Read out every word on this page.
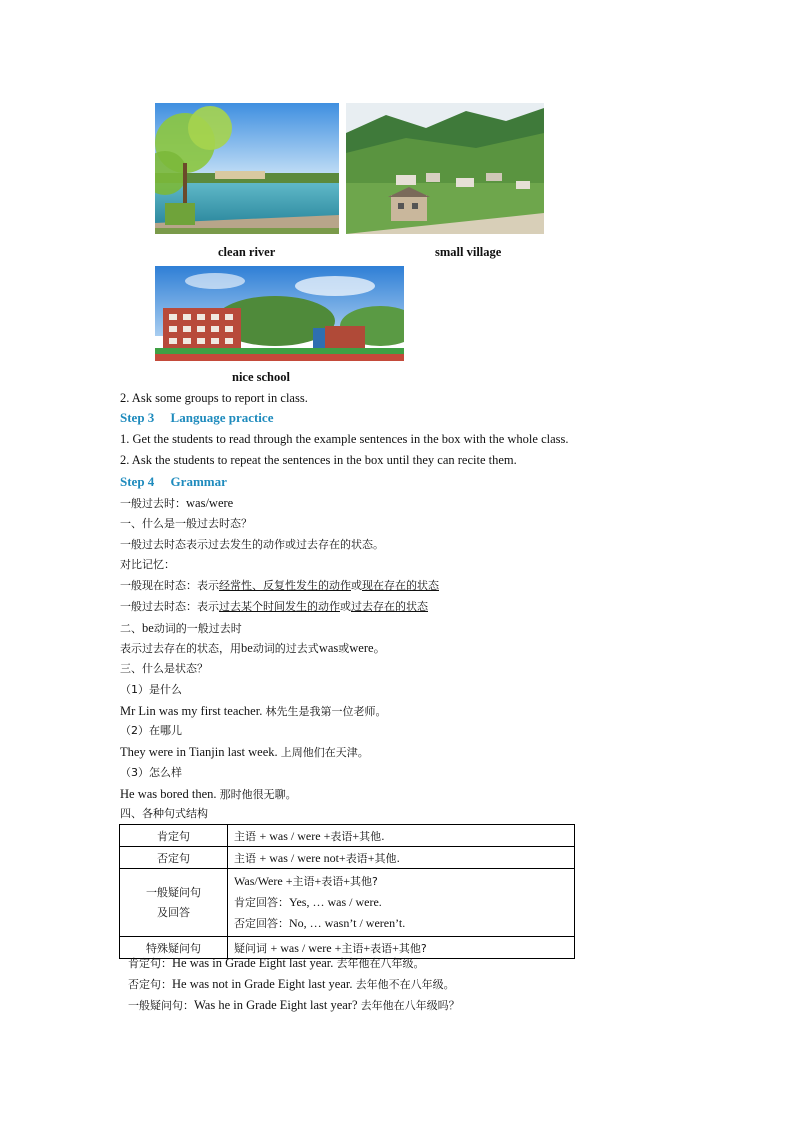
clean river	small village
nice school
2. Ask some groups to report in class.
Step 3　 Language practice
1. Get the students to read through the example sentences in the box with the whole class.
2. Ask the students to repeat the sentences in the box until they can recite them.
Step 4　 Grammar
一般过去时：was/were
一、什么是一般过去时态？
一般过去时态表示过去发生的动作或过去存在的状态。
对比记忆：
一般现在时态：表示经常性、反复性发生的动作或现在存在的状态
一般过去时态：表示过去某个时间发生的动作或过去存在的状态
二、be动词的一般过去时
表示过去存在的状态，用be动词的过去式was或were。
三、什么是状态？
（1）是什么
Mr Lin was my first teacher. 林先生是我第一位老师。
（2）在哪儿
They were in Tianjin last week. 上周他们在天津。
（3）怎么样
He was bored then. 那时他很无聊。
四、各种句式结构
肯定句	主语 + was / were +表语+其他.
否定句	主语 + was / were not+表语+其他.

一般疑问句
及回答	Was/Were +主语+表语+其他?
肯定回答：Yes, … was / were.
否定回答：No, … wasn’t / weren’t.

特殊疑问句	疑问词 + was / were +主语+表语+其他?
肯定句：He was in Grade Eight last year. 去年他在八年级。
否定句：He was not in Grade Eight last year. 去年他不在八年级。
一般疑问句：Was he in Grade Eight last year? 去年他在八年级吗？
